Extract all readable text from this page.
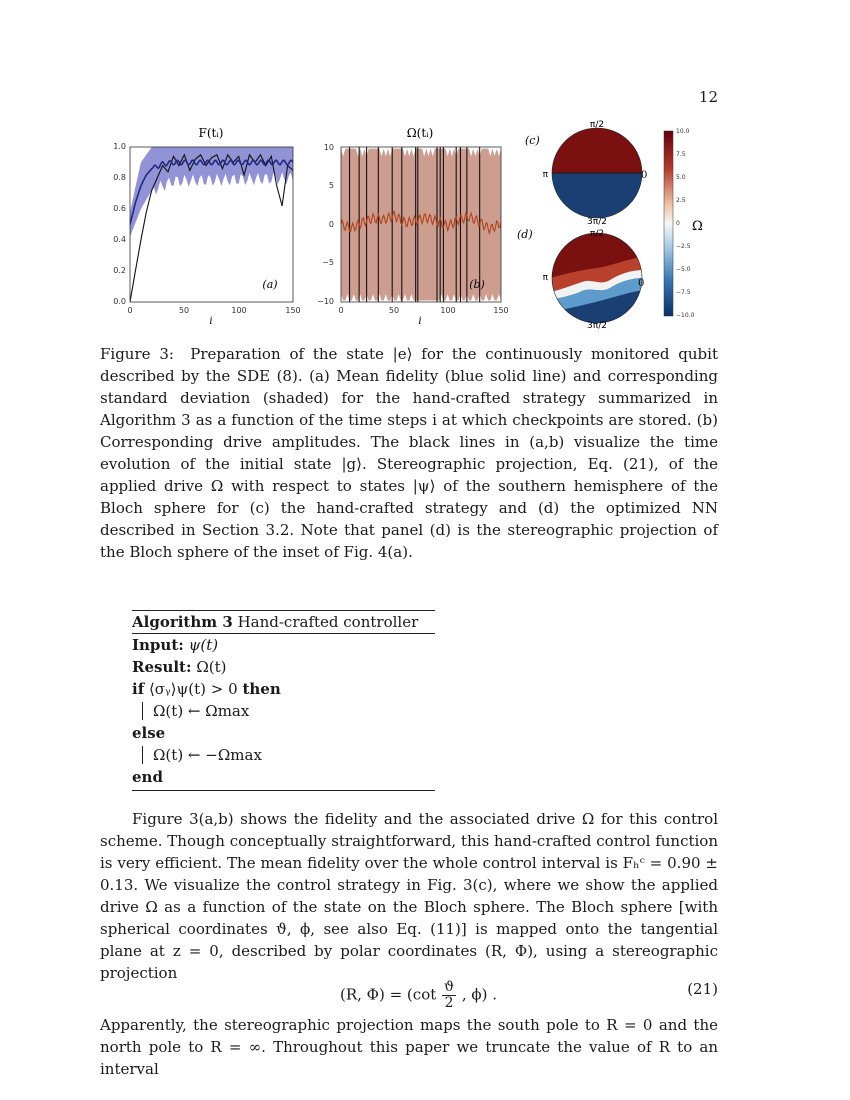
12
F(tᵢ)
0.0
0.2
0.4
0.6
0.8
1.0
0	50	100	150
i
(a)
Ω(tᵢ)
−10
−5
0
5
10
0	50	100	150
i
(b)
(c)
π/2
π	0
3π/2
(d)	π/2
π	0
3π/2
10.0
7.5
5.0
2.5
0
−2.5
−5.0
−7.5
−10.0
Ω
Figure 3:  Preparation of the state |e⟩ for the continuously monitored qubit described by the SDE (8). (a) Mean fidelity (blue solid line) and corresponding standard deviation (shaded) for the hand-crafted strategy summarized in Algorithm 3 as a function of the time steps i at which checkpoints are stored. (b) Corresponding drive amplitudes. The black lines in (a,b) visualize the time evolution of the initial state |g⟩. Stereographic projection, Eq. (21), of the applied drive Ω with respect to states |ψ⟩ of the southern hemisphere of the Bloch sphere for (c) the hand-crafted strategy and (d) the optimized NN described in Section 3.2. Note that panel (d) is the stereographic projection of the Bloch sphere of the inset of Fig. 4(a).
Algorithm 3 Hand-crafted controller
Input: ψ(t)
Result: Ω(t)
if ⟨σᵧ⟩ψ(t) > 0 then
Ω(t) ← Ωmax
else
Ω(t) ← −Ωmax
end

Figure 3(a,b) shows the fidelity and the associated drive Ω for this control scheme. Though conceptually straightforward, this hand-crafted control function is very efficient. The mean fidelity over the whole control interval is Fₕᶜ = 0.90 ± 0.13. We visualize the control strategy in Fig. 3(c), where we show the applied drive Ω as a function of the state on the Bloch sphere. The Bloch sphere [with spherical coordinates ϑ, ϕ, see also Eq. (11)] is mapped onto the tangential plane at z = 0, described by polar coordinates (R, Φ), using a stereographic projection

(R, $\Phi) = (\cot \frac{ϑ}{2}$ , ϕ) .	(21)

Apparently, the stereographic projection maps the south pole to R = 0 and the north pole to R = ∞. Throughout this paper we truncate the value of R to an interval
